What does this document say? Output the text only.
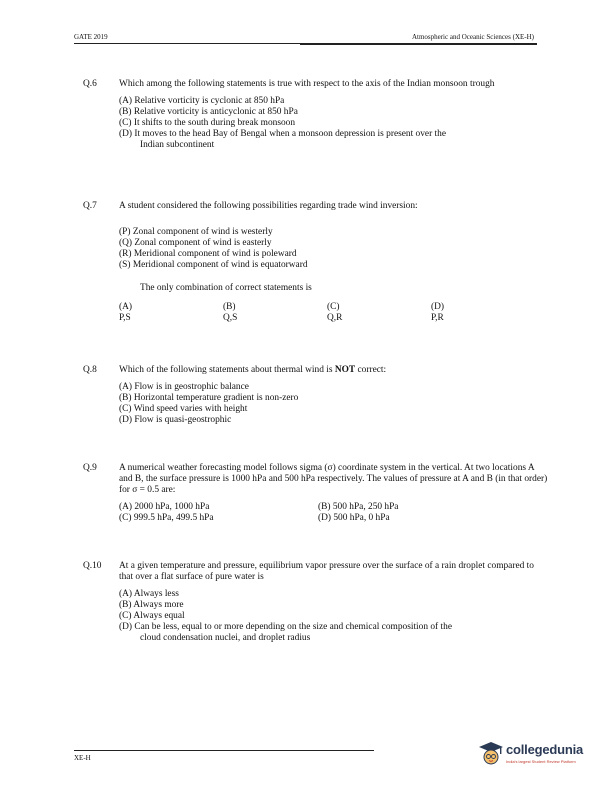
GATE 2019	Atmospheric and Oceanic Sciences (XE-H)
Q.6 Which among the following statements is true with respect to the axis of the Indian monsoon trough
(A) Relative vorticity is cyclonic at 850 hPa
(B) Relative vorticity is anticyclonic at 850 hPa
(C) It shifts to the south during break monsoon
(D) It moves to the head Bay of Bengal when a monsoon depression is present over the
Indian subcontinent
Q.7 A student considered the following possibilities regarding trade wind inversion:
(P) Zonal component of wind is westerly
(Q) Zonal component of wind is easterly
(R) Meridional component of wind is poleward
(S) Meridional component of wind is equatorward
The only combination of correct statements is
(A) P,S
(B) Q,S
(C) Q,R
(D) P,R
Q.8 Which of the following statements about thermal wind is NOT correct:
(A) Flow is in geostrophic balance
(B) Horizontal temperature gradient is non-zero
(C) Wind speed varies with height
(D) Flow is quasi-geostrophic
Q.9 A numerical weather forecasting model follows sigma (σ) coordinate system in the vertical. At two locations A and B, the surface pressure is 1000 hPa and 500 hPa respectively. The values of pressure at A and B (in that order) for σ = 0.5 are:
(A) 2000 hPa, 1000 hPa	(B) 500 hPa, 250 hPa
(C) 999.5 hPa, 499.5 hPa	(D) 500 hPa, 0 hPa
Q.10 At a given temperature and pressure, equilibrium vapor pressure over the surface of a rain droplet compared to that over a flat surface of pure water is
(A) Always less
(B) Always more
(C) Always equal
(D) Can be less, equal to or more depending on the size and chemical composition of the
cloud condensation nuclei, and droplet radius
XE-H
collegedunia
India's largest Student Review Platform
